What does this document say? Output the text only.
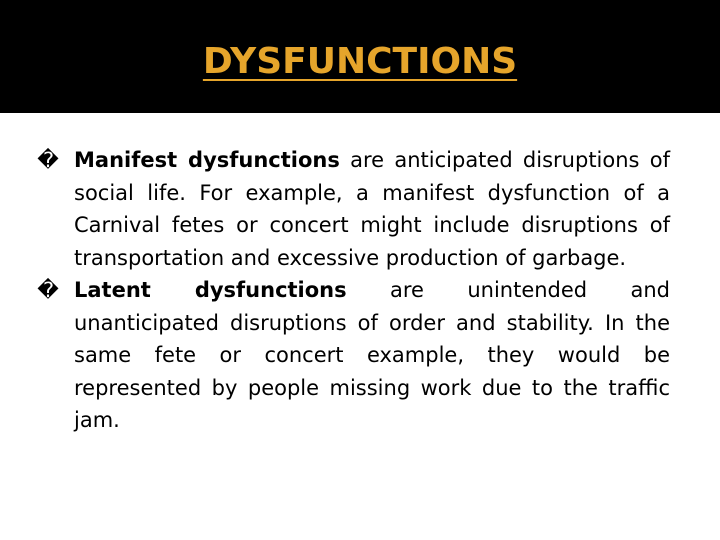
DYSFUNCTIONS

� Manifest dysfunctions are anticipated disruptions of social life. For example, a manifest dysfunction of a Carnival fetes or concert might include disruptions of transportation and excessive production of garbage.

� Latent dysfunctions are unintended and unanticipated disruptions of order and stability. In the same fete or concert example, they would be represented by people missing work due to the traffic jam.
